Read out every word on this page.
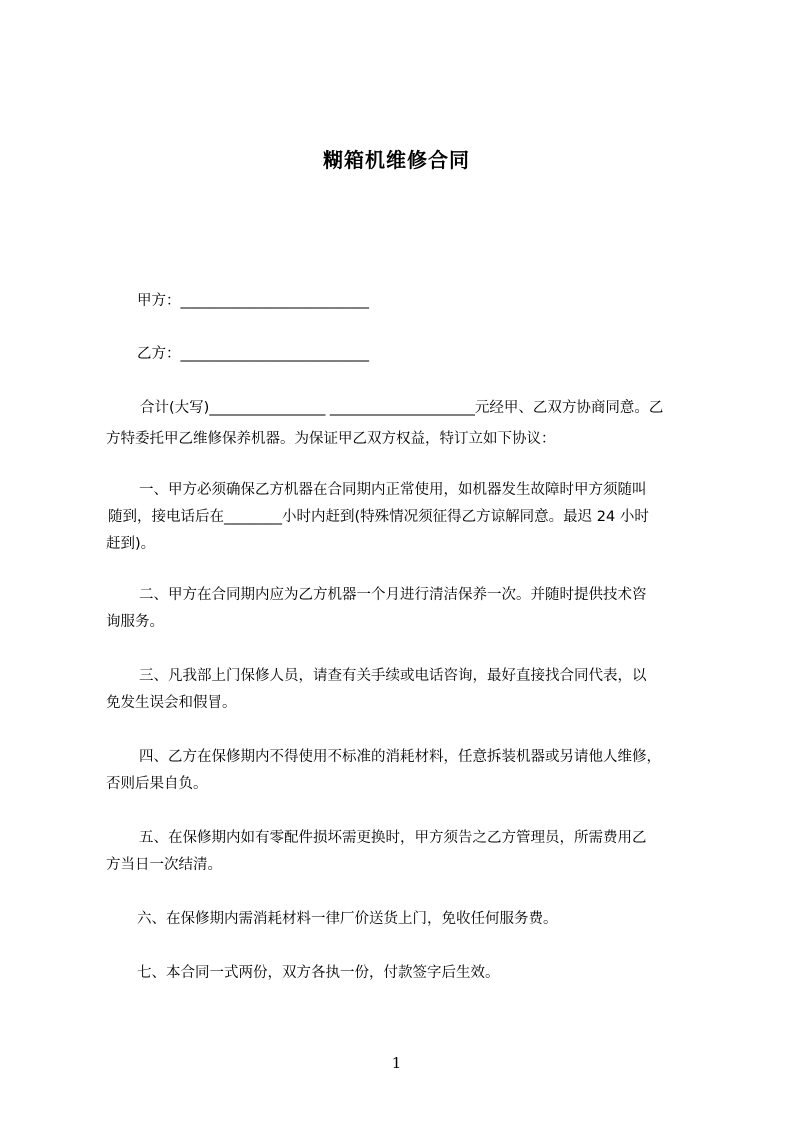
糊箱机维修合同
甲方：__________________________
乙方：__________________________
合计(大写)________________ ____________________元经甲、乙双方协商同意。乙
方特委托甲乙维修保养机器。为保证甲乙双方权益，特订立如下协议：
一、甲方必须确保乙方机器在合同期内正常使用，如机器发生故障时甲方须随叫
随到，接电话后在________小时内赶到(特殊情况须征得乙方谅解同意。最迟 24 小时
赶到)。
二、甲方在合同期内应为乙方机器一个月进行清洁保养一次。并随时提供技术咨
询服务。
三、凡我部上门保修人员，请查有关手续或电话咨询，最好直接找合同代表，以
免发生误会和假冒。
四、乙方在保修期内不得使用不标准的消耗材料，任意拆装机器或另请他人维修，
否则后果自负。
五、在保修期内如有零配件损坏需更换时，甲方须告之乙方管理员，所需费用乙
方当日一次结清。
六、在保修期内需消耗材料一律厂价送货上门，免收任何服务费。
七、本合同一式两份，双方各执一份，付款签字后生效。
1
